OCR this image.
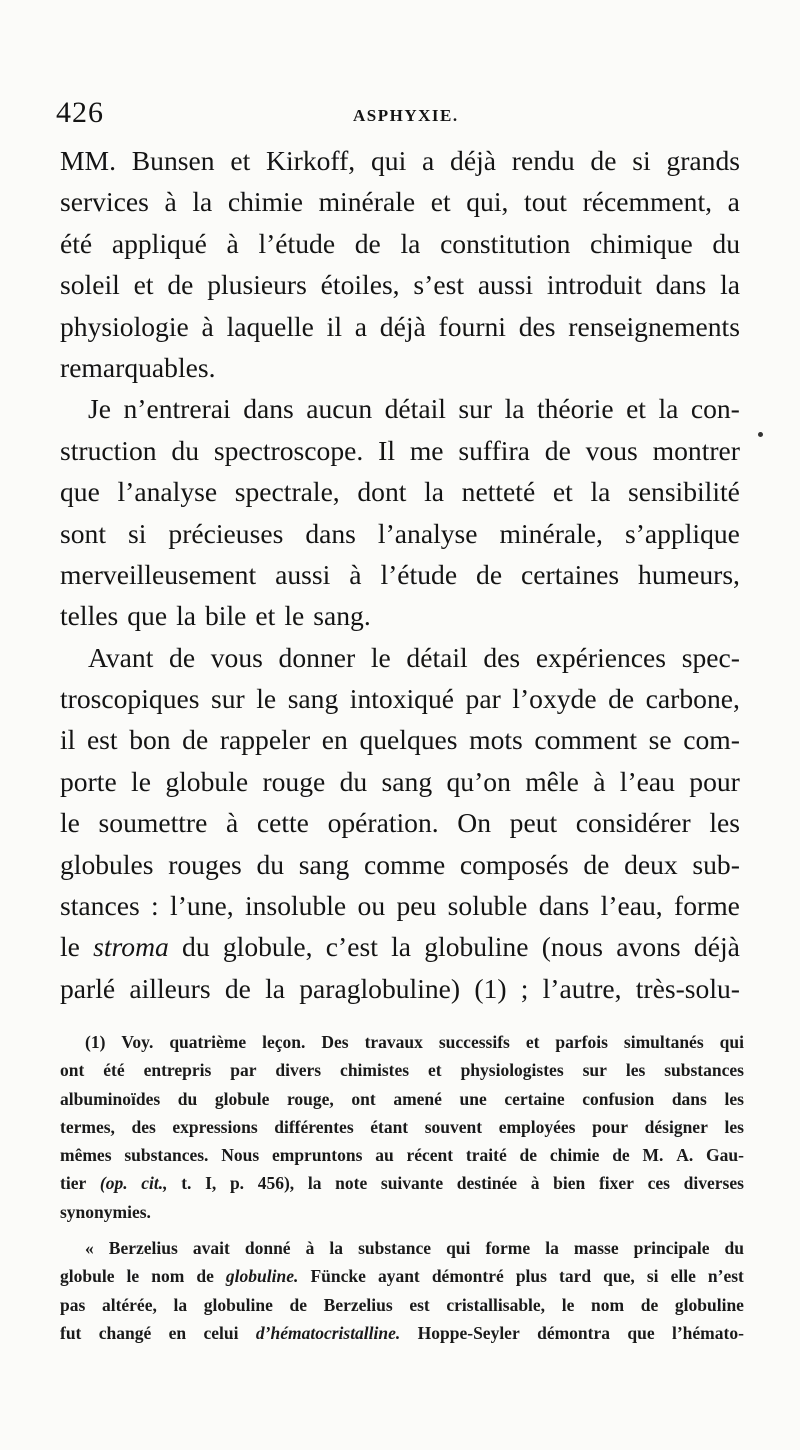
426	ASPHYXIE.
MM. Bunsen et Kirkoff, qui a déjà rendu de si grands
services à la chimie minérale et qui, tout récemment, a
été appliqué à l’étude de la constitution chimique du
soleil et de plusieurs étoiles, s’est aussi introduit dans la
physiologie à laquelle il a déjà fourni des renseignements
remarquables.
Je n’entrerai dans aucun détail sur la théorie et la con-
struction du spectroscope. Il me suffira de vous montrer
que l’analyse spectrale, dont la netteté et la sensibilité
sont si précieuses dans l’analyse minérale, s’applique
merveilleusement aussi à l’étude de certaines humeurs,
telles que la bile et le sang.
Avant de vous donner le détail des expériences spec-
troscopiques sur le sang intoxiqué par l’oxyde de carbone,
il est bon de rappeler en quelques mots comment se com-
porte le globule rouge du sang qu’on mêle à l’eau pour
le soumettre à cette opération. On peut considérer les
globules rouges du sang comme composés de deux sub-
stances : l’une, insoluble ou peu soluble dans l’eau, forme
le stroma du globule, c’est la globuline (nous avons déjà
parlé ailleurs de la paraglobuline) (1) ; l’autre, très-solu-
(1) Voy. quatrième leçon. Des travaux successifs et parfois simultanés qui
ont été entrepris par divers chimistes et physiologistes sur les substances
albuminoïdes du globule rouge, ont amené une certaine confusion dans les
termes, des expressions différentes étant souvent employées pour désigner les
mêmes substances. Nous empruntons au récent traité de chimie de M. A. Gau-
tier (op. cit., t. I, p. 456), la note suivante destinée à bien fixer ces diverses
synonymies.
« Berzelius avait donné à la substance qui forme la masse principale du
globule le nom de globuline. Füncke ayant démontré plus tard que, si elle n’est
pas altérée, la globuline de Berzelius est cristallisable, le nom de globuline
fut changé en celui d’hématocristalline. Hoppe-Seyler démontra que l’hémato-
